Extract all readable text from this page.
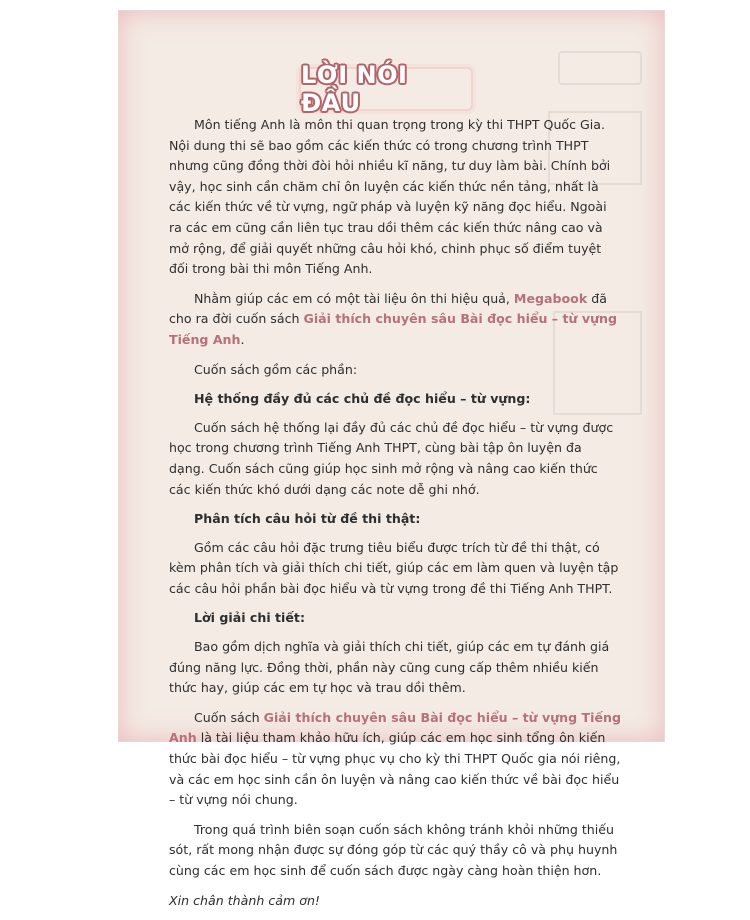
LỜI NÓI ĐẦU

Môn tiếng Anh là môn thi quan trọng trong kỳ thi THPT Quốc Gia. Nội dung thi sẽ bao gồm các kiến thức có trong chương trình THPT nhưng cũng đồng thời đòi hỏi nhiều kĩ năng, tư duy làm bài. Chính bởi vậy, học sinh cần chăm chỉ ôn luyện các kiến thức nền tảng, nhất là các kiến thức về từ vựng, ngữ pháp và luyện kỹ năng đọc hiểu. Ngoài ra các em cũng cần liên tục trau dồi thêm các kiến thức nâng cao và mở rộng, để giải quyết những câu hỏi khó, chinh phục số điểm tuyệt đối trong bài thi môn Tiếng Anh.

Nhằm giúp các em có một tài liệu ôn thi hiệu quả, Megabook đã cho ra đời cuốn sách Giải thích chuyên sâu Bài đọc hiểu – từ vựng Tiếng Anh.

Cuốn sách gồm các phần:

Hệ thống đầy đủ các chủ đề đọc hiểu – từ vựng:

Cuốn sách hệ thống lại đầy đủ các chủ đề đọc hiểu – từ vựng được học trong chương trình Tiếng Anh THPT, cùng bài tập ôn luyện đa dạng. Cuốn sách cũng giúp học sinh mở rộng và nâng cao kiến thức các kiến thức khó dưới dạng các note dễ ghi nhớ.

Phân tích câu hỏi từ đề thi thật:

Gồm các câu hỏi đặc trưng tiêu biểu được trích từ đề thi thật, có kèm phân tích và giải thích chi tiết, giúp các em làm quen và luyện tập các câu hỏi phần bài đọc hiểu và từ vựng trong đề thi Tiếng Anh THPT.

Lời giải chi tiết:

Bao gồm dịch nghĩa và giải thích chi tiết, giúp các em tự đánh giá đúng năng lực. Đồng thời, phần này cũng cung cấp thêm nhiều kiến thức hay, giúp các em tự học và trau dồi thêm.

Cuốn sách Giải thích chuyên sâu Bài đọc hiểu – từ vựng Tiếng Anh là tài liệu tham khảo hữu ích, giúp các em học sinh tổng ôn kiến thức bài đọc hiểu – từ vựng phục vụ cho kỳ thi THPT Quốc gia nói riêng, và các em học sinh cần ôn luyện và nâng cao kiến thức về bài đọc hiểu – từ vựng nói chung.

Trong quá trình biên soạn cuốn sách không tránh khỏi những thiếu sót, rất mong nhận được sự đóng góp từ các quý thầy cô và phụ huynh cùng các em học sinh để cuốn sách được ngày càng hoàn thiện hơn.

Xin chân thành cảm ơn!
